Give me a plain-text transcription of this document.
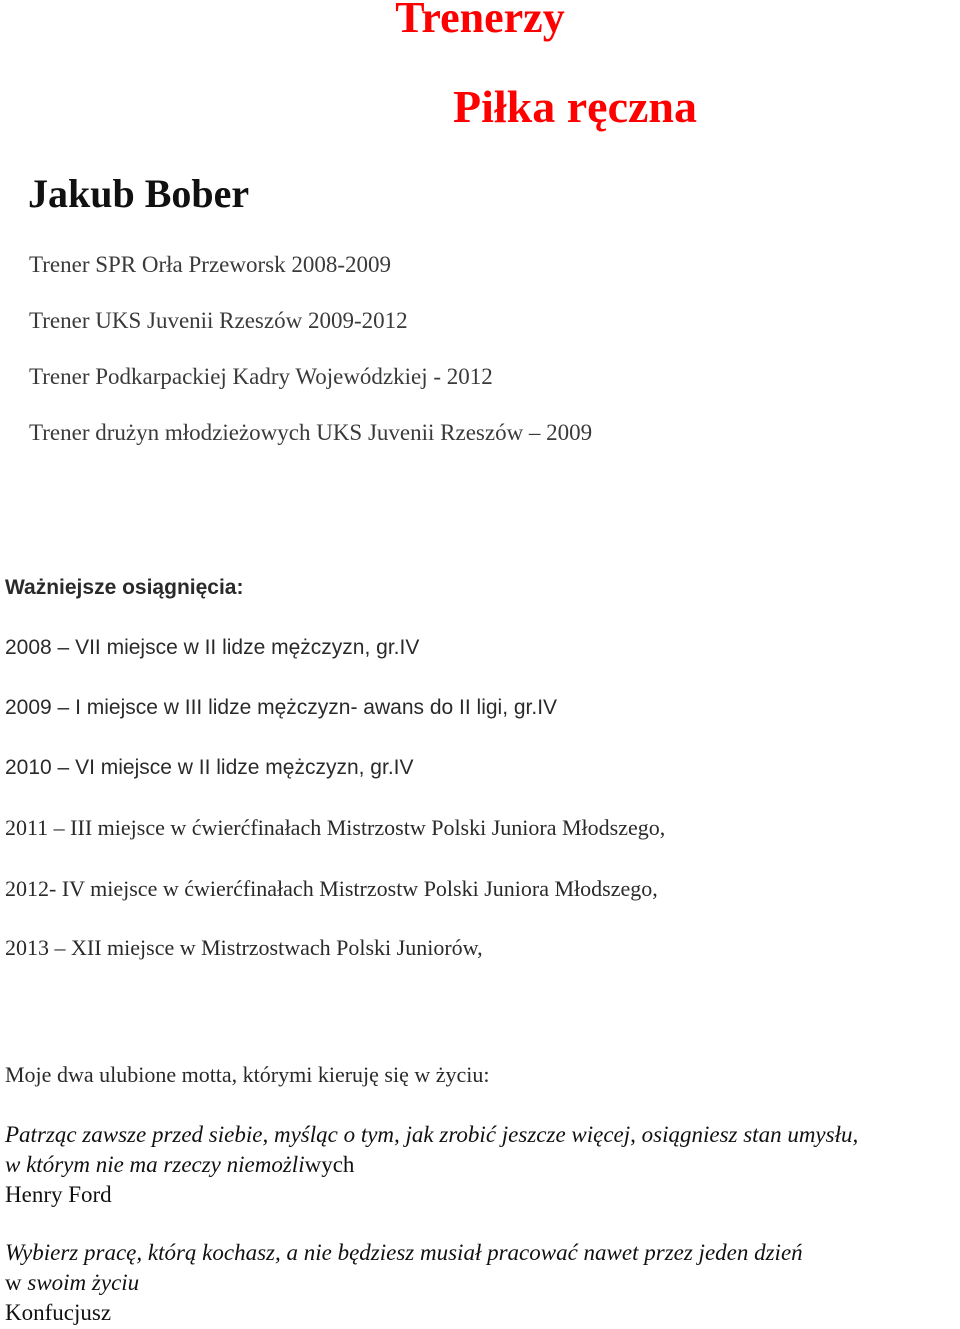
Trenerzy
Piłka ręczna
Jakub Bober
Trener SPR Orła Przeworsk 2008-2009
Trener UKS Juvenii Rzeszów 2009-2012
Trener Podkarpackiej Kadry Wojewódzkiej - 2012
Trener drużyn młodzieżowych UKS Juvenii Rzeszów – 2009
Ważniejsze osiągnięcia:
2008 – VII miejsce w II lidze mężczyzn, gr.IV
2009 – I miejsce w III lidze mężczyzn- awans do II ligi, gr.IV
2010 – VI miejsce w II lidze mężczyzn, gr.IV
2011 – III miejsce w ćwierćfinałach Mistrzostw Polski Juniora Młodszego,
2012- IV miejsce w ćwierćfinałach Mistrzostw Polski Juniora Młodszego,
2013 – XII miejsce w Mistrzostwach Polski Juniorów,
Moje dwa ulubione motta, którymi kieruję się w życiu:
Patrząc zawsze przed siebie, myśląc o tym, jak zrobić jeszcze więcej, osiągniesz stan umysłu,
w którym nie ma rzeczy niemożliwych
Henry Ford
Wybierz pracę, którą kochasz, a nie będziesz musiał pracować nawet przez jeden dzień
w swoim życiu
Konfucjusz
